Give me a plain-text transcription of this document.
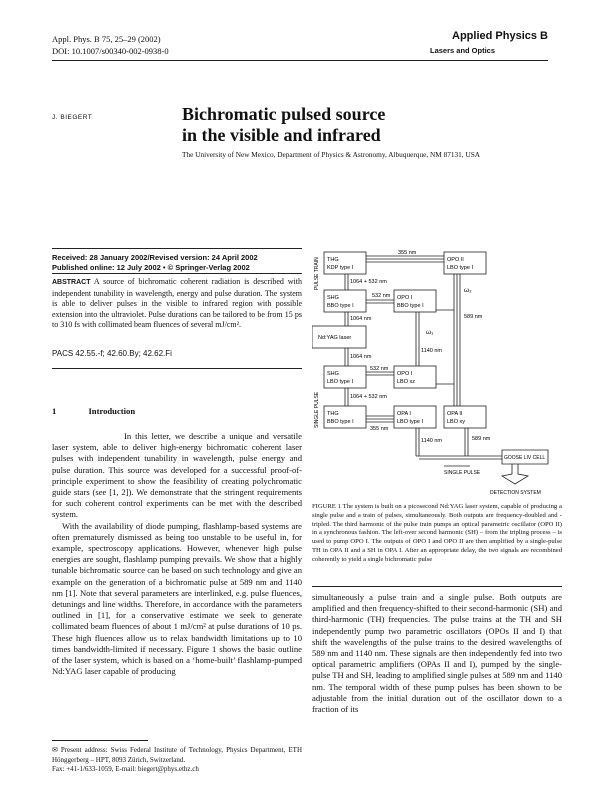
Appl. Phys. B 75, 25–29 (2002)
DOI: 10.1007/s00340-002-0938-0
Applied Physics B
Lasers and Optics
J. BIEGERT	Bichromatic pulsed source
in the visible and infrared
The University of New Mexico, Department of Physics & Astronomy, Albuquerque, NM 87131, USA
Received: 28 January 2002/Revised version: 24 April 2002
Published online: 12 July 2002 • © Springer-Verlag 2002
ABSTRACT A source of bichromatic coherent radiation is described with independent tunability in wavelength, energy and pulse duration. The system is able to deliver pulses in the visible to infrared region with possible extension into the ultraviolet. Pulse durations can be tailored to be from 15 ps to 310 fs with collimated beam fluences of several mJ/cm².
PACS 42.55.-f; 42.60.By; 42.62.Fi
1	Introduction

In this letter, we describe a unique and versatile laser system, able to deliver high-energy bichromatic coherent laser pulses with independent tunability in wavelength, pulse energy and pulse duration. This source was developed for a successful proof-of-principle experiment to show the feasibility of creating polychromatic guide stars (see [1, 2]). We demonstrate that the stringent requirements for such coherent control experiments can be met with the described system.

With the availability of diode pumping, flashlamp-based systems are often prematurely dismissed as being too unstable to be useful in, for example, spectroscopy applications. However, whenever high pulse energies are sought, flashlamp pumping prevails. We show that a highly tunable bichromatic source can be based on such technology and give an example on the generation of a bichromatic pulse at 589 nm and 1140 nm [1]. Note that several parameters are interlinked, e.g. pulse fluences, detunings and line widths. Therefore, in accordance with the parameters outlined in [1], for a conservative estimate we seek to generate collimated beam fluences of about 1 mJ/cm² at pulse durations of 10 ps. These high fluences allow us to relax bandwidth limitations up to 10 times bandwidth-limited if necessary. Figure 1 shows the basic outline of the laser system, which is based on a ‘home-built’ flashlamp-pumped Nd:YAG laser capable of producing

✉ Present address: Swiss Federal Institute of Technology, Physics Department, ETH Hönggerberg – HPT, 8093 Zürich, Switzerland.
Fax: +41-1/633-1059, E-mail: biegert@phys.ethz.ch
PULSE TRAIN
SINGLE PULSE
THG
KDP type I
SHG
BBO type I
Nd:YAG laser
SHG
LBO type I
THG
BBO type I
OPO II
LBO type I
OPO I
BBO type I
OPO I
LBO xz
OPA II
LBO xy
OPA I
LBO type I
355 nm
1064 + 532 nm
532 nm
1064 nm
1140 nm
532 nm
1064 nm
1064 + 532 nm
355 nm
1140 nm
589 nm
589 nm
ω₂
ω₁
GOOSE LIV CELL
SINGLE PULSE
DETECTION SYSTEM
FIGURE 1 The system is built on a picosecond Nd:YAG laser system, capable of producing a single pulse and a train of pulses, simultaneously. Both outputs are frequency-doubled and -tripled. The third harmonic of the pulse train pumps an optical parametric oscillator (OPO II) in a synchronous fashion. The left-over second harmonic (SH) – from the tripling process – is used to pump OPO I. The outputs of OPO I and OPO II are then amplified by a single-pulse TH in OPA II and a SH in OPA I. After an appropriate delay, the two signals are recombined coherently to yield a single bichromatic pulse

simultaneously a pulse train and a single pulse. Both outputs are amplified and then frequency-shifted to their second-harmonic (SH) and third-harmonic (TH) frequencies. The pulse trains at the TH and SH independently pump two parametric oscillators (OPOs II and I) that shift the wavelengths of the pulse trains to the desired wavelengths of 589 nm and 1140 nm. These signals are then independently fed into two optical parametric amplifiers (OPAs II and I), pumped by the single-pulse TH and SH, leading to amplified single pulses at 589 nm and 1140 nm. The temporal width of these pump pulses has been shown to be adjustable from the initial duration out of the oscillator down to a fraction of its
